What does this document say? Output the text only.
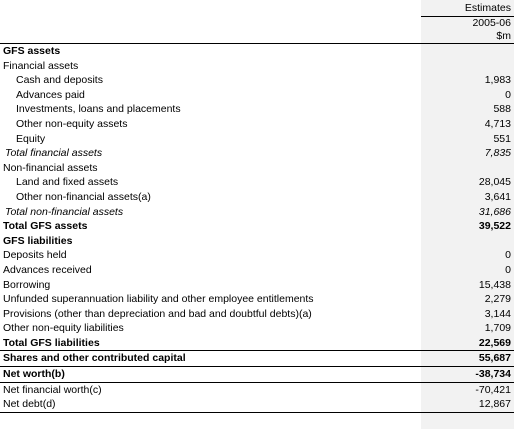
Estimates
2005-06
$m
GFS assets	
Financial assets	
Cash and deposits	1,983
Advances paid	0
Investments, loans and placements	588
Other non-equity assets	4,713
Equity	551
Total financial assets	7,835
Non-financial assets	
Land and fixed assets	28,045
Other non-financial assets(a)	3,641
Total non-financial assets	31,686
Total GFS assets	39,522
GFS liabilities	
Deposits held	0
Advances received	0
Borrowing	15,438
Unfunded superannuation liability and other employee entitlements	2,279
Provisions (other than depreciation and bad and doubtful debts)(a)	3,144
Other non-equity liabilities	1,709
Total GFS liabilities	22,569
Shares and other contributed capital	55,687
Net worth(b)	-38,734
Net financial worth(c)	-70,421
Net debt(d)	12,867
